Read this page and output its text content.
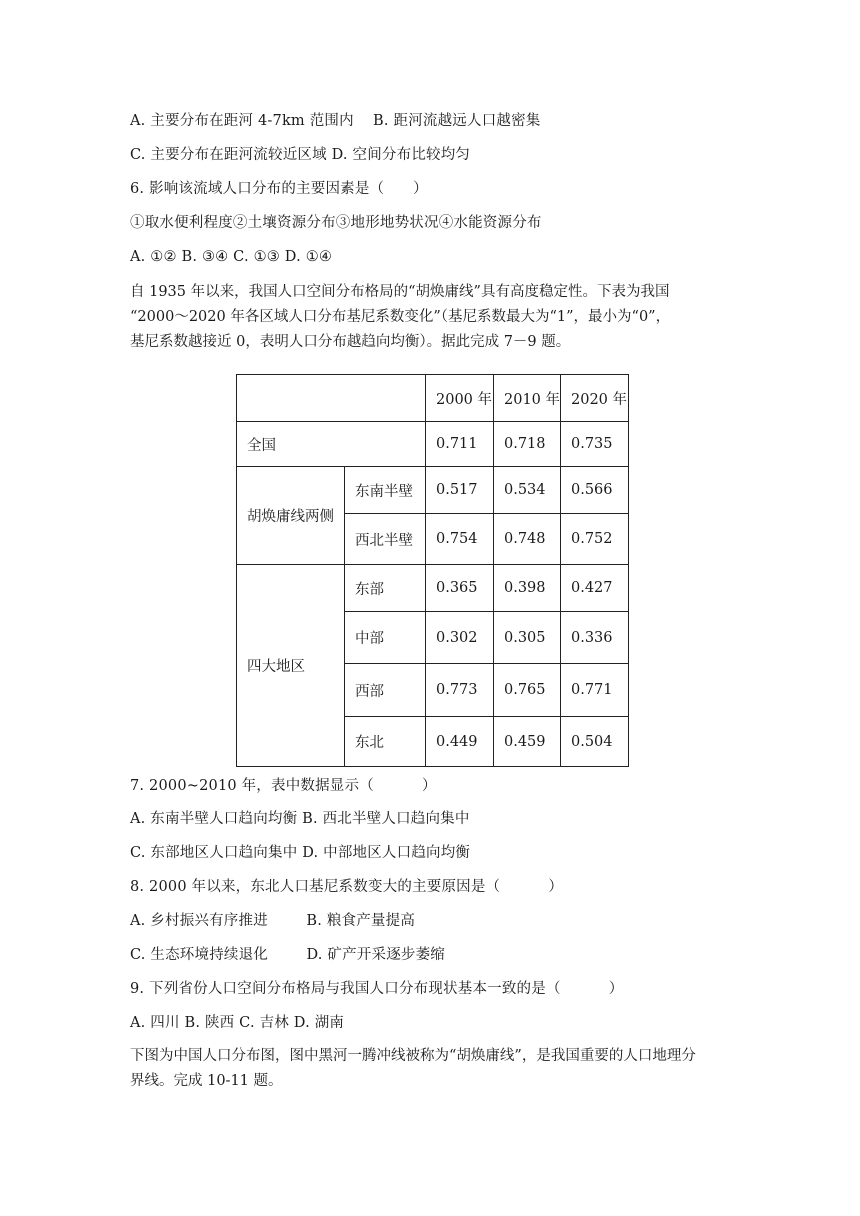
A. 主要分布在距河 4-7km 范围内    B. 距河流越远人口越密集
C. 主要分布在距河流较近区域 D. 空间分布比较均匀
6. 影响该流域人口分布的主要因素是（      ）
①取水便利程度②土壤资源分布③地形地势状况④水能资源分布
A. ①② B. ③④ C. ①③ D. ①④
自 1935 年以来，我国人口空间分布格局的“胡焕庸线”具有高度稳定性。下表为我国
“2000～2020 年各区域人口分布基尼系数变化”（基尼系数最大为“1”，最小为“0”，
基尼系数越接近 0，表明人口分布越趋向均衡）。据此完成 7－9 题。
		2000 年	2010 年	2020 年
全国		0.711	0.718	0.735
胡焕庸线两侧	东南半壁	0.517	0.534	0.566
	西北半壁	0.754	0.748	0.752
四大地区	东部	0.365	0.398	0.427
	中部	0.302	0.305	0.336
	西部	0.773	0.765	0.771
	东北	0.449	0.459	0.504
7. 2000~2010 年，表中数据显示（          ）
A. 东南半壁人口趋向均衡 B. 西北半壁人口趋向集中
C. 东部地区人口趋向集中 D. 中部地区人口趋向均衡
8. 2000 年以来，东北人口基尼系数变大的主要原因是（          ）
A. 乡村振兴有序推进        B. 粮食产量提高
C. 生态环境持续退化        D. 矿产开采逐步萎缩
9. 下列省份人口空间分布格局与我国人口分布现状基本一致的是（          ）
A. 四川 B. 陕西 C. 吉林 D. 湖南
下图为中国人口分布图，图中黑河一腾冲线被称为“胡焕庸线”，是我国重要的人口地理分
界线。完成 10-11 题。
